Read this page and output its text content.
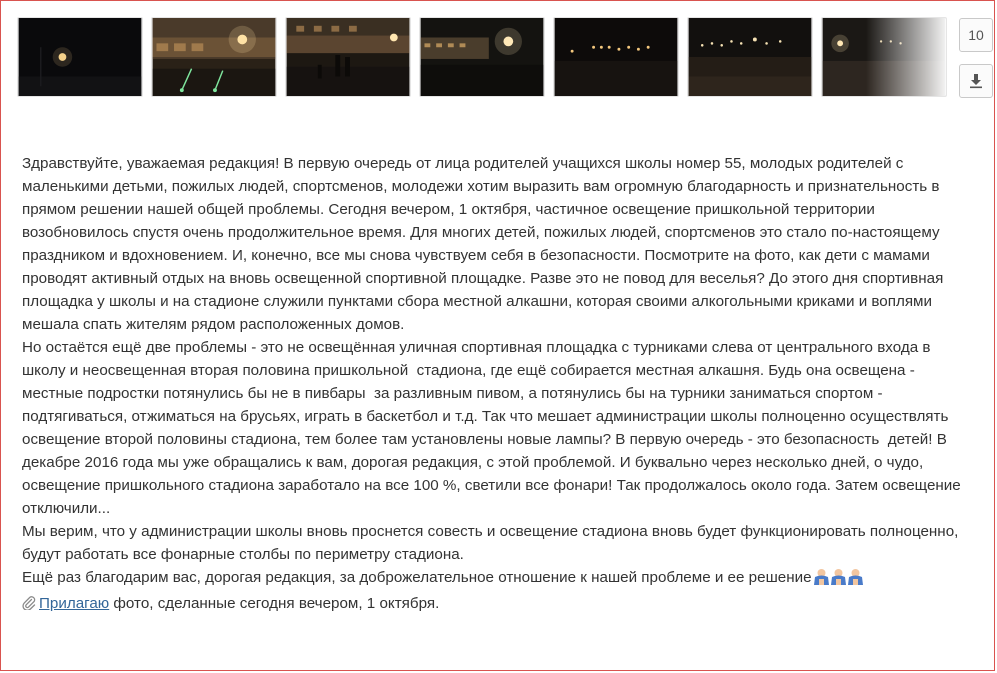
10

Здравствуйте, уважаемая редакция! В первую очередь от лица родителей учащихся школы номер 55, молодых родителей с маленькими детьми, пожилых людей, спортсменов, молодежи хотим выразить вам огромную благодарность и признательность в прямом решении нашей общей проблемы. Сегодня вечером, 1 октября, частичное освещение пришкольной территории возобновилось спустя очень продолжительное время. Для многих детей, пожилых людей, спортсменов это стало по-настоящему праздником и вдохновением. И, конечно, все мы снова чувствуем себя в безопасности. Посмотрите на фото, как дети с мамами проводят активный отдых на вновь освещенной спортивной площадке. Разве это не повод для веселья? До этого дня спортивная площадка у школы и на стадионе служили пунктами сбора местной алкашни, которая своими алкогольными криками и воплями мешала спать жителям рядом расположенных домов.

Но остаётся ещё две проблемы - это не освещённая уличная спортивная площадка с турниками слева от центрального входа в школу и неосвещенная вторая половина пришкольной  стадиона, где ещё собирается местная алкашня. Будь она освещена - местные подростки потянулись бы не в пивбары  за разливным пивом, а потянулись бы на турники заниматься спортом - подтягиваться, отжиматься на брусьях, играть в баскетбол и т.д. Так что мешает администрации школы полноценно осуществлять освещение второй половины стадиона, тем более там установлены новые лампы? В первую очередь - это безопасность  детей! В декабре 2016 года мы уже обращались к вам, дорогая редакция, с этой проблемой. И буквально через несколько дней, о чудо, освещение пришкольного стадиона заработало на все 100 %, светили все фонари! Так продолжалось около года. Затем освещение отключили...

Мы верим, что у администрации школы вновь проснется совесть и освещение стадиона вновь будет функционировать полноценно, будут работать все фонарные столбы по периметру стадиона.

Ещё раз благодарим вас, дорогая редакция, за доброжелательное отношение к нашей проблеме и ее решение

Прилагаю фото, сделанные сегодня вечером, 1 октября.
